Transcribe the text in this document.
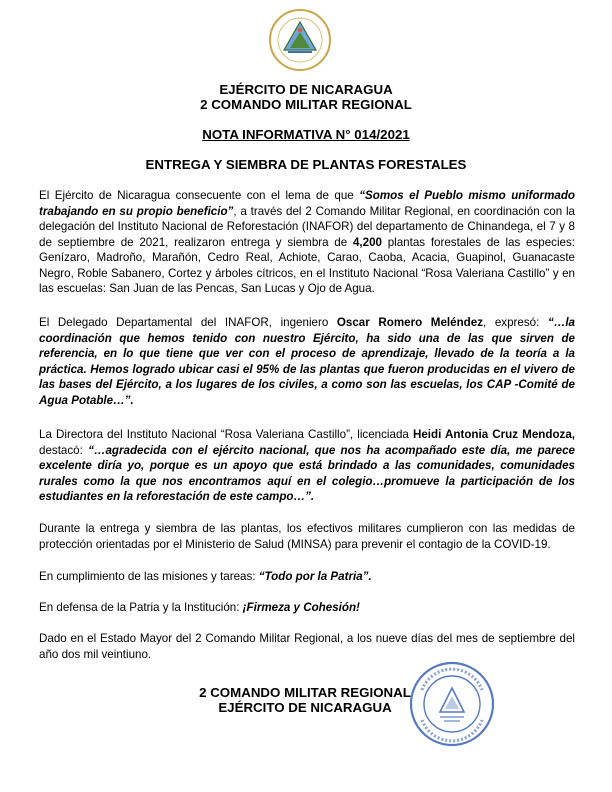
EJÉRCITO DE NICARAGUA
2 COMANDO MILITAR REGIONAL
NOTA INFORMATIVA N° 014/2021
ENTREGA Y SIEMBRA DE PLANTAS FORESTALES

El Ejército de Nicaragua consecuente con el lema de que “Somos el Pueblo mismo uniformado trabajando en su propio beneficio”, a través del 2 Comando Militar Regional, en coordinación con la delegación del Instituto Nacional de Reforestación (INAFOR) del departamento de Chinandega, el 7 y 8 de septiembre de 2021, realizaron entrega y siembra de 4,200 plantas forestales de las especies: Genízaro, Madroño, Marañón, Cedro Real, Achiote, Carao, Caoba, Acacia, Guapinol, Guanacaste Negro, Roble Sabanero, Cortez y árboles cítricos, en el Instituto Nacional “Rosa Valeriana Castillo” y en las escuelas: San Juan de las Pencas, San Lucas y Ojo de Agua.

El Delegado Departamental del INAFOR, ingeniero Oscar Romero Meléndez, expresó: “…la coordinación que hemos tenido con nuestro Ejército, ha sido una de las que sirven de referencia, en lo que tiene que ver con el proceso de aprendizaje, llevado de la teoría a la práctica. Hemos logrado ubicar casi el 95% de las plantas que fueron producidas en el vivero de las bases del Ejército, a los lugares de los civiles, a como son las escuelas, los CAP -Comité de Agua Potable…”.

La Directora del Instituto Nacional “Rosa Valeriana Castillo”, licenciada Heidi Antonia Cruz Mendoza, destacó: “…agradecida con el ejército nacional, que nos ha acompañado este día, me parece excelente diría yo, porque es un apoyo que está brindado a las comunidades, comunidades rurales como la que nos encontramos aquí en el colegio…promueve la participación de los estudiantes en la reforestación de este campo…”.

Durante la entrega y siembra de las plantas, los efectivos militares cumplieron con las medidas de protección orientadas por el Ministerio de Salud (MINSA) para prevenir el contagio de la COVID-19.

En cumplimiento de las misiones y tareas: “Todo por la Patria”.

En defensa de la Patria y la Institución: ¡Firmeza y Cohesión!

Dado en el Estado Mayor del 2 Comando Militar Regional, a los nueve días del mes de septiembre del año dos mil veintiuno.

2 COMANDO MILITAR REGIONAL
EJÉRCITO DE NICARAGUA
